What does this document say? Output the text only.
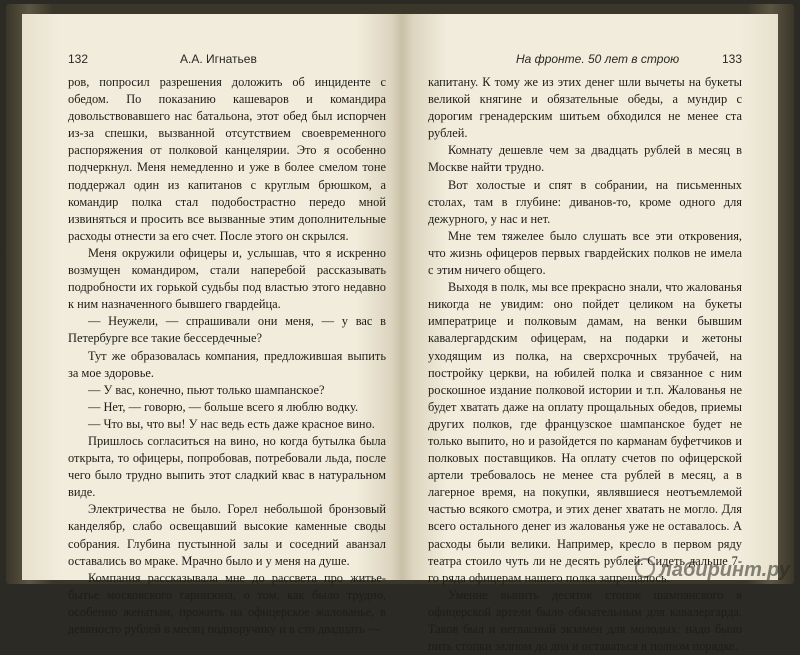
132	А.А. Игнатьев

ров, попросил разрешения доложить об инциденте с обедом. По показанию кашеваров и командира довольствовавшего нас батальона, этот обед был испорчен из-за спешки, вызванной отсутствием своевременного распоряжения от полковой канцелярии. Это я особенно подчеркнул. Меня немедленно и уже в более смелом тоне поддержал один из капитанов с круглым брюшком, а командир полка стал подобострастно передо мной извиняться и просить все вызванные этим дополнительные расходы отнести за его счет. После этого он скрылся.

Меня окружили офицеры и, услышав, что я искренно возмущен командиром, стали наперебой рассказывать подробности их горькой судьбы под властью этого недавно к ним назначенного бывшего гвардейца.

— Неужели, — спрашивали они меня, — у вас в Петербурге все такие бессердечные?

Тут же образовалась компания, предложившая выпить за мое здоровье.

— У вас, конечно, пьют только шампанское?

— Нет, — говорю, — больше всего я люблю водку.

— Что вы, что вы! У нас ведь есть даже красное вино.

Пришлось согласиться на вино, но когда бутылка была открыта, то офицеры, попробовав, потребовали льда, после чего было трудно выпить этот сладкий квас в натуральном виде.

Электричества не было. Горел небольшой бронзовый канделябр, слабо освещавший высокие каменные своды собрания. Глубина пустынной залы и соседний аванзал оставались во мраке. Мрачно было и у меня на душе.

Компания рассказывала мне до рассвета про житье-бытье московского гарнизона, о том, как было трудно, особенно женатым, прожить на офицерское жалованье, в девяносто рублей в месяц подпоручику и в сто двадцать —

На фронте. 50 лет в строю	133

капитану. К тому же из этих денег шли вычеты на букеты великой княгине и обязательные обеды, а мундир с дорогим гренадерским шитьем обходился не менее ста рублей.

Комнату дешевле чем за двадцать рублей в месяц в Москве найти трудно.

Вот холостые и спят в собрании, на письменных столах, там в глубине: диванов-то, кроме одного для дежурного, у нас и нет.

Мне тем тяжелее было слушать все эти откровения, что жизнь офицеров первых гвардейских полков не имела с этим ничего общего.

Выходя в полк, мы все прекрасно знали, что жалованья никогда не увидим: оно пойдет целиком на букеты императрице и полковым дамам, на венки бывшим кавалергардским офицерам, на подарки и жетоны уходящим из полка, на сверхсрочных трубачей, на постройку церкви, на юбилей полка и связанное с ним роскошное издание полковой истории и т.п. Жалованья не будет хватать даже на оплату прощальных обедов, приемы других полков, где французское шампанское будет не только выпито, но и разойдется по карманам буфетчиков и полковых поставщиков. На оплату счетов по офицерской артели требовалось не менее ста рублей в месяц, а в лагерное время, на покупки, являвшиеся неотъемлемой частью всякого смотра, и этих денег хватать не могло. Для всего остального денег из жалованья уже не оставалось. А расходы были велики. Например, кресло в первом ряду театра стоило чуть ли не десять рублей. Сидеть дальше 7-го ряда офицерам нашего полка запрещалось.

Умение выпить десяток стопок шампанского в офицерской артели было обязательным для кавалергарда. Таков был и негласный экзамен для молодых: надо было пить стопки залпом до дна и оставаться в полном порядке.

лабиринт.ру
